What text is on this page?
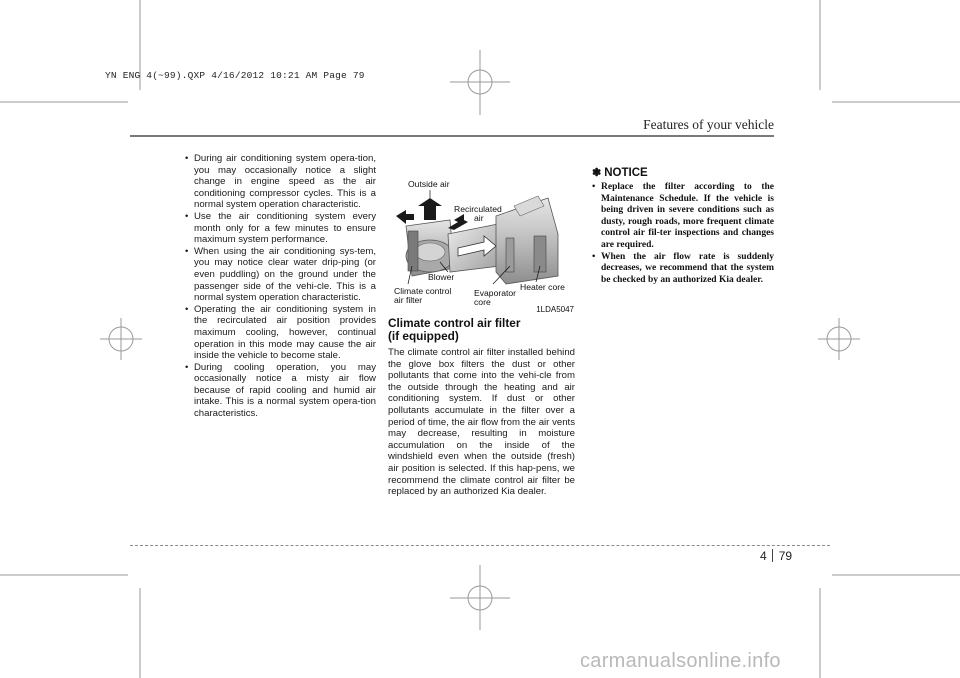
YN ENG 4(~99).QXP 4/16/2012 10:21 AM Page 79
Features of your vehicle
• During air conditioning system opera-tion, you may occasionally notice a slight change in engine speed as the air conditioning compressor cycles. This is a normal system operation characteristic.
• Use the air conditioning system every month only for a few minutes to ensure maximum system performance.
• When using the air conditioning sys-tem, you may notice clear water drip-ping (or even puddling) on the ground under the passenger side of the vehi-cle. This is a normal system operation characteristic.
• Operating the air conditioning system in the recirculated air position provides maximum cooling, however, continual operation in this mode may cause the air inside the vehicle to become stale.
• During cooling operation, you may occasionally notice a misty air flow because of rapid cooling and humid air intake. This is a normal system opera-tion characteristics.
Outside air
Recirculated
air
Blower
Climate control
air filter
Evaporator
core
Heater core
1LDA5047
Climate control air filter
(if equipped)

The climate control air filter installed behind the glove box filters the dust or other pollutants that come into the vehi-cle from the outside through the heating and air conditioning system. If dust or other pollutants accumulate in the filter over a period of time, the air flow from the air vents may decrease, resulting in moisture accumulation on the inside of the windshield even when the outside (fresh) air position is selected. If this hap-pens, we recommend the climate control air filter be replaced by an authorized Kia dealer.

✽ NOTICE
• Replace the filter according to the Maintenance Schedule. If the vehicle is being driven in severe conditions such as dusty, rough roads, more frequent climate control air fil-ter inspections and changes are required.
• When the air flow rate is suddenly decreases, we recommend that the system be checked by an authorized Kia dealer.
4 79
carmanualsonline.info
